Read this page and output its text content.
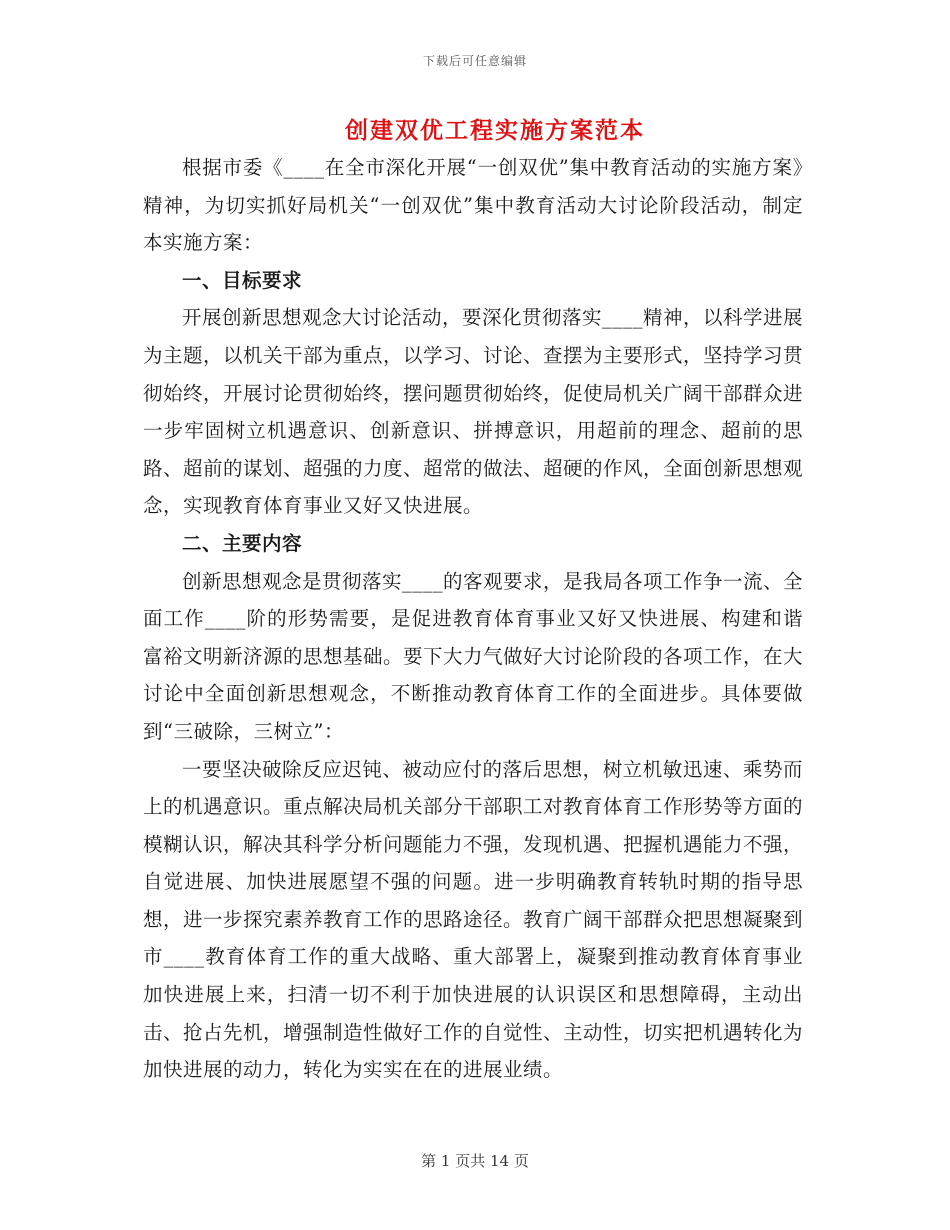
下载后可任意编辑
创建双优工程实施方案范本

根据市委《____在全市深化开展“一创双优”集中教育活动的实施方案》精神，为切实抓好局机关“一创双优”集中教育活动大讨论阶段活动，制定本实施方案：

一、目标要求

开展创新思想观念大讨论活动，要深化贯彻落实____精神，以科学进展为主题，以机关干部为重点，以学习、讨论、查摆为主要形式，坚持学习贯彻始终，开展讨论贯彻始终，摆问题贯彻始终，促使局机关广阔干部群众进一步牢固树立机遇意识、创新意识、拼搏意识，用超前的理念、超前的思路、超前的谋划、超强的力度、超常的做法、超硬的作风，全面创新思想观念，实现教育体育事业又好又快进展。

二、主要内容

创新思想观念是贯彻落实____的客观要求，是我局各项工作争一流、全面工作____阶的形势需要，是促进教育体育事业又好又快进展、构建和谐富裕文明新济源的思想基础。要下大力气做好大讨论阶段的各项工作，在大讨论中全面创新思想观念，不断推动教育体育工作的全面进步。具体要做到“三破除，三树立”：

一要坚决破除反应迟钝、被动应付的落后思想，树立机敏迅速、乘势而上的机遇意识。重点解决局机关部分干部职工对教育体育工作形势等方面的模糊认识，解决其科学分析问题能力不强，发现机遇、把握机遇能力不强，自觉进展、加快进展愿望不强的问题。进一步明确教育转轨时期的指导思想，进一步探究素养教育工作的思路途径。教育广阔干部群众把思想凝聚到市____教育体育工作的重大战略、重大部署上，凝聚到推动教育体育事业加快进展上来，扫清一切不利于加快进展的认识误区和思想障碍，主动出击、抢占先机，增强制造性做好工作的自觉性、主动性，切实把机遇转化为加快进展的动力，转化为实实在在的进展业绩。

第 1 页共 14 页
